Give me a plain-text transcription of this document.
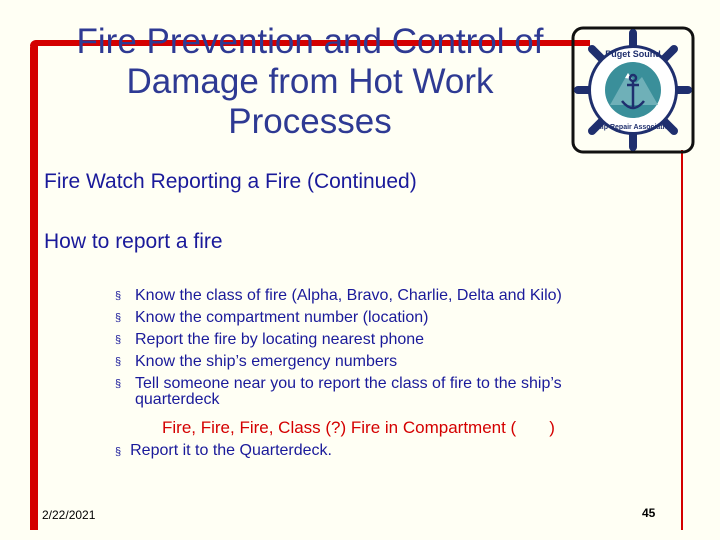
Fire Prevention and Control of Damage from Hot Work Processes
Puget Sound
Ship Repair Association
Fire Watch Reporting a Fire (Continued)
How to report a fire
§ Know the class of fire (Alpha, Bravo, Charlie, Delta and Kilo)
§ Know the compartment number (location)
§ Report the fire by locating nearest phone
§ Know the ship’s emergency numbers
§ Tell someone near you to report the class of fire to the ship’s
quarterdeck
Fire, Fire, Fire, Class (?) Fire in Compartment (       )
§ Report it to the Quarterdeck.
2/22/2021	45
